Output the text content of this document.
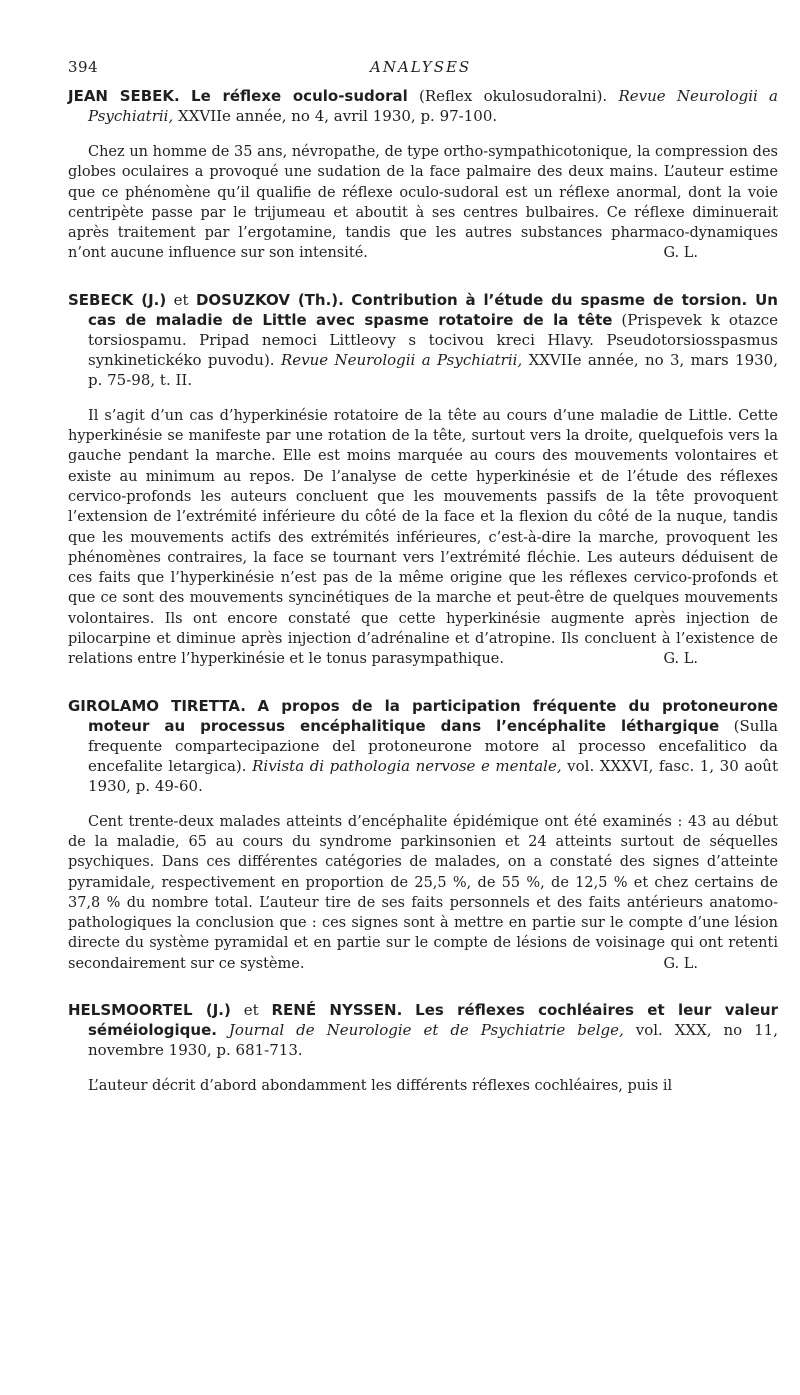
394	ANALYSES

JEAN SEBEK. Le réflexe oculo-sudoral (Reflex okulosudoralni). Revue Neurologii a Psychiatrii, XXVIIe année, no 4, avril 1930, p. 97-100.

Chez un homme de 35 ans, névropathe, de type ortho-sympathicotonique, la compression des globes oculaires a provoqué une sudation de la face palmaire des deux mains. L’auteur estime que ce phénomène qu’il qualifie de réflexe oculo-sudoral est un réflexe anormal, dont la voie centripète passe par le trijumeau et aboutit à ses centres bulbaires. Ce réflexe diminuerait après traitement par l’ergotamine, tandis que les autres substances pharmaco-dynamiques n’ont aucune influence sur son intensité.	G. L.

SEBECK (J.) et DOSUZKOV (Th.). Contribution à l’étude du spasme de torsion. Un cas de maladie de Little avec spasme rotatoire de la tête (Prispevek k otazce torsiospamu. Pripad nemoci Littleovy s tocivou kreci Hlavy. Pseudotorsiosspasmus synkinetickéko puvodu). Revue Neurologii a Psychiatrii, XXVIIe année, no 3, mars 1930, p. 75-98, t. II.

Il s’agit d’un cas d’hyperkinésie rotatoire de la tête au cours d’une maladie de Little. Cette hyperkinésie se manifeste par une rotation de la tête, surtout vers la droite, quelquefois vers la gauche pendant la marche. Elle est moins marquée au cours des mouvements volontaires et existe au minimum au repos. De l’analyse de cette hyperkinésie et de l’étude des réflexes cervico-profonds les auteurs concluent que les mouvements passifs de la tête provoquent l’extension de l’extrémité inférieure du côté de la face et la flexion du côté de la nuque, tandis que les mouvements actifs des extrémités inférieures, c’est-à-dire la marche, provoquent les phénomènes contraires, la face se tournant vers l’extrémité fléchie. Les auteurs déduisent de ces faits que l’hyperkinésie n’est pas de la même origine que les réflexes cervico-profonds et que ce sont des mouvements syncinétiques de la marche et peut-être de quelques mouvements volontaires. Ils ont encore constaté que cette hyperkinésie augmente après injection de pilocarpine et diminue après injection d’adrénaline et d’atropine. Ils concluent à l’existence de relations entre l’hyperkinésie et le tonus parasympathique.	G. L.

GIROLAMO TIRETTA. A propos de la participation fréquente du protoneurone moteur au processus encéphalitique dans l’encéphalite léthargique (Sulla frequente compartecipazione del protoneurone motore al processo encefalitico da encefalite letargica). Rivista di pathologia nervose e mentale, vol. XXXVI, fasc. 1, 30 août 1930, p. 49-60.

Cent trente-deux malades atteints d’encéphalite épidémique ont été examinés : 43 au début de la maladie, 65 au cours du syndrome parkinsonien et 24 atteints surtout de séquelles psychiques. Dans ces différentes catégories de malades, on a constaté des signes d’atteinte pyramidale, respectivement en proportion de 25,5 %, de 55 %, de 12,5 % et chez certains de 37,8 % du nombre total. L’auteur tire de ses faits personnels et des faits antérieurs anatomo-pathologiques la conclusion que : ces signes sont à mettre en partie sur le compte d’une lésion directe du système pyramidal et en partie sur le compte de lésions de voisinage qui ont retenti secondairement sur ce système.	G. L.

HELSMOORTEL (J.) et RENÉ NYSSEN. Les réflexes cochléaires et leur valeur séméiologique. Journal de Neurologie et de Psychiatrie belge, vol. XXX, no 11, novembre 1930, p. 681-713.

L’auteur décrit d’abord abondamment les différents réflexes cochléaires, puis il
